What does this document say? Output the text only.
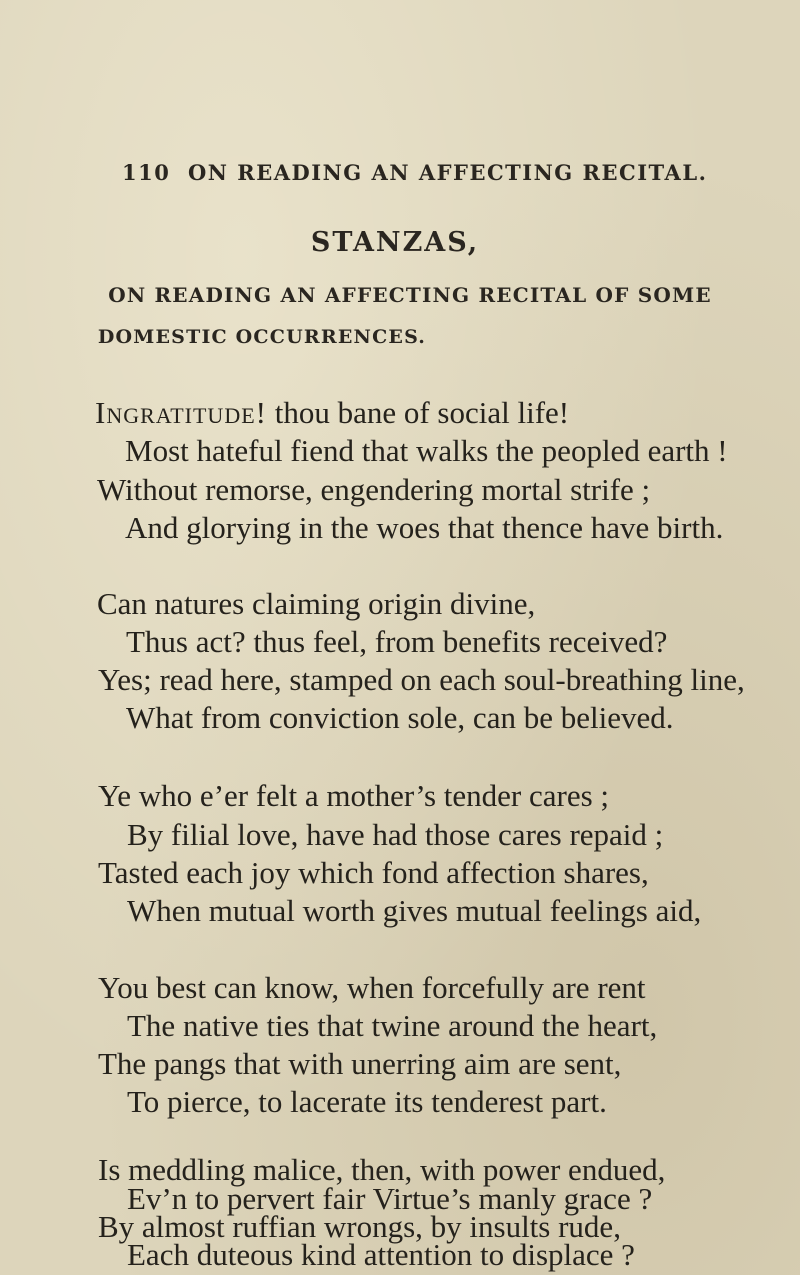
110 ON READING AN AFFECTING RECITAL.
STANZAS,
ON READING AN AFFECTING RECITAL OF SOME
DOMESTIC OCCURRENCES.
Ingratitude! thou bane of social life!
Most hateful fiend that walks the peopled earth !
Without remorse, engendering mortal strife ;
And glorying in the woes that thence have birth.
Can natures claiming origin divine,
Thus act? thus feel, from benefits received?
Yes; read here, stamped on each soul-breathing line,
What from conviction sole, can be believed.
Ye who e’er felt a mother’s tender cares ;
By filial love, have had those cares repaid ;
Tasted each joy which fond affection shares,
When mutual worth gives mutual feelings aid,
You best can know, when forcefully are rent
The native ties that twine around the heart,
The pangs that with unerring aim are sent,
To pierce, to lacerate its tenderest part.
Is meddling malice, then, with power endued,
Ev’n to pervert fair Virtue’s manly grace ?
By almost ruffian wrongs, by insults rude,
Each duteous kind attention to displace ?
